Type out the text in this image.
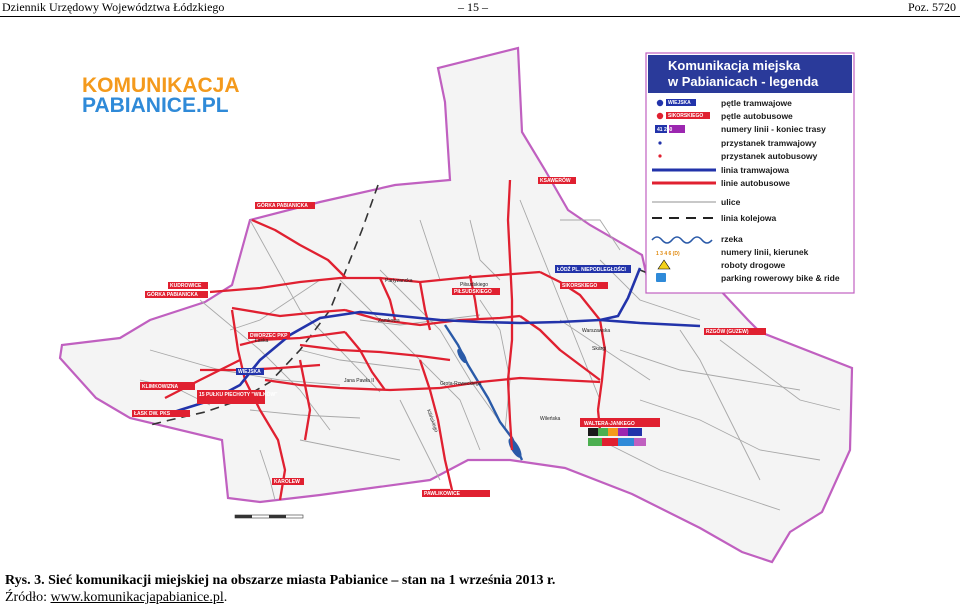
Dziennik Urzędowy Województwa Łódzkiego	– 15 –	Poz. 5720
KOMUNIKACJA
PABIANICE.PL
KSAWERÓW
GÓRKA PABIANICKA
KUDROWICE
GÓRKA PABIANICKA
ŁÓDŹ PL. NIEPODLEGŁOŚCI
SIKORSKIEGO
PIŁSUDSKIEGO
DWORZEC PKP
WIEJSKA
KLIMKOWIZNA
15 PUŁKU PIECHOTY "WILKÓW"
ŁASK DW. PKS
RZGÓW (GUZEW)
WALTERA-JANKEGO
KAROLEW
PAWLIKOWICE
Zamkowa
Warszawska
Skargi
Jana Pawła II	Grota-Roweckiego
Łaska
Kilińskiego
Partyzancka
Piłsudskiego
Wileńska
Komunikacja miejska
w Pabianicach - legenda
WIEJSKA	pętle tramwajowe
SIKORSKIEGO pętle autobusowe
41 260	numery linii - koniec trasy
przystanek tramwajowy
przystanek autobusowy
linia tramwajowa
linie autobusowe
ulice
linia kolejowa
rzeka
1 3 4 6 (D)	numery linii, kierunek
roboty drogowe
parking rowerowy bike & ride
Rys. 3. Sieć komunikacji miejskiej na obszarze miasta Pabianice – stan na 1 września 2013 r.
Źródło: www.komunikacjapabianice.pl.
